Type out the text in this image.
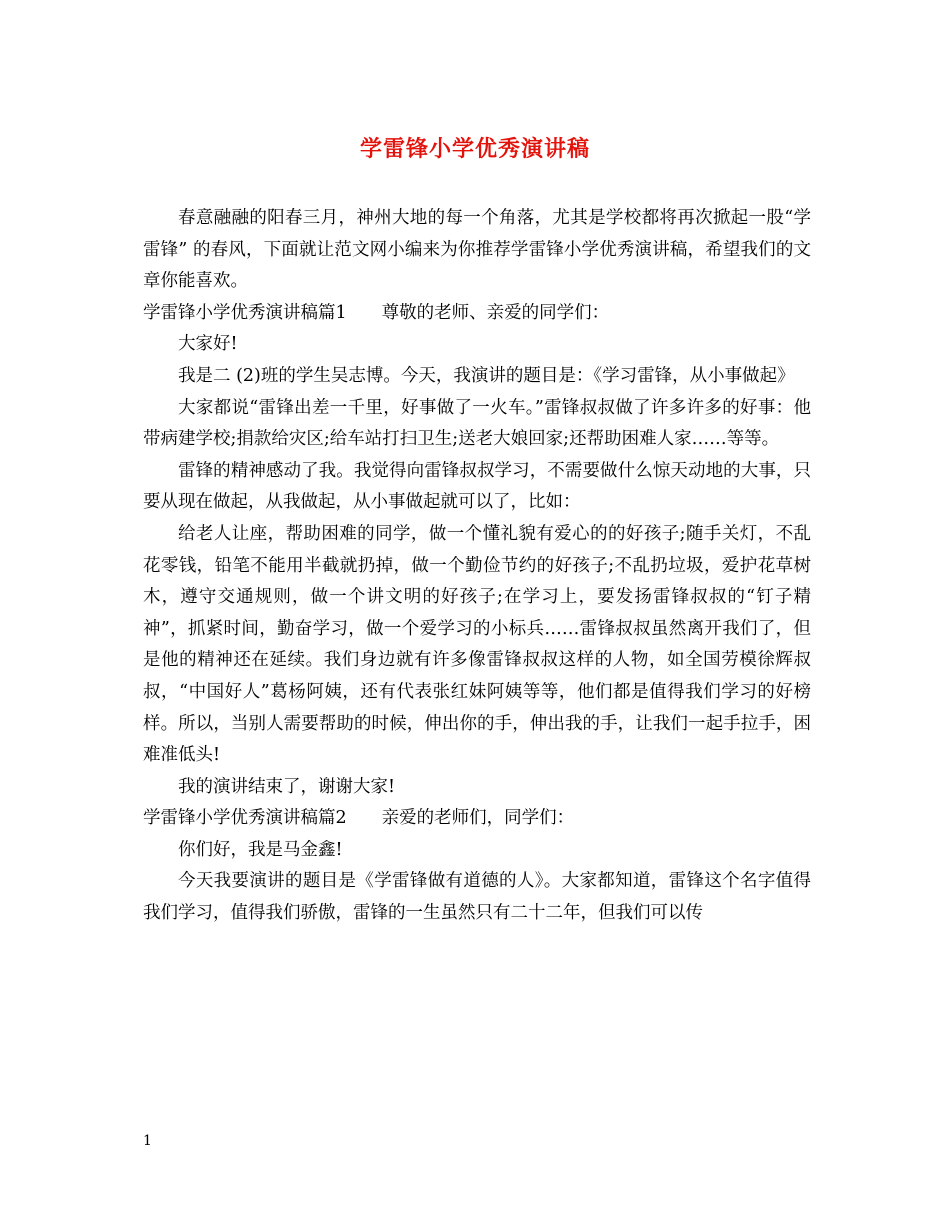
学雷锋小学优秀演讲稿

春意融融的阳春三月，神州大地的每一个角落，尤其是学校都将再次掀起一股“学雷锋” 的春风，下面就让范文网小编来为你推荐学雷锋小学优秀演讲稿，希望我们的文章你能喜欢。

学雷锋小学优秀演讲稿篇1　　尊敬的老师、亲爱的同学们：

大家好!

我是二 (2)班的学生吴志博。今天，我演讲的题目是：《学习雷锋，从小事做起》

大家都说“雷锋出差一千里，好事做了一火车。”雷锋叔叔做了许多许多的好事：他带病建学校;捐款给灾区;给车站打扫卫生;送老大娘回家;还帮助困难人家……等等。

雷锋的精神感动了我。我觉得向雷锋叔叔学习，不需要做什么惊天动地的大事，只要从现在做起，从我做起，从小事做起就可以了，比如：

给老人让座，帮助困难的同学，做一个懂礼貌有爱心的的好孩子;随手关灯，不乱花零钱，铅笔不能用半截就扔掉，做一个勤俭节约的好孩子;不乱扔垃圾，爱护花草树木，遵守交通规则，做一个讲文明的好孩子;在学习上，要发扬雷锋叔叔的“钉子精神”，抓紧时间，勤奋学习，做一个爱学习的小标兵……雷锋叔叔虽然离开我们了，但是他的精神还在延续。我们身边就有许多像雷锋叔叔这样的人物，如全国劳模徐辉叔叔，“中国好人”葛杨阿姨，还有代表张红妹阿姨等等，他们都是值得我们学习的好榜样。所以，当别人需要帮助的时候，伸出你的手，伸出我的手，让我们一起手拉手，困难准低头!

我的演讲结束了，谢谢大家!

学雷锋小学优秀演讲稿篇2　　亲爱的老师们，同学们：

你们好，我是马金鑫!

今天我要演讲的题目是《学雷锋做有道德的人》。大家都知道，雷锋这个名字值得我们学习，值得我们骄傲，雷锋的一生虽然只有二十二年，但我们可以传

1
